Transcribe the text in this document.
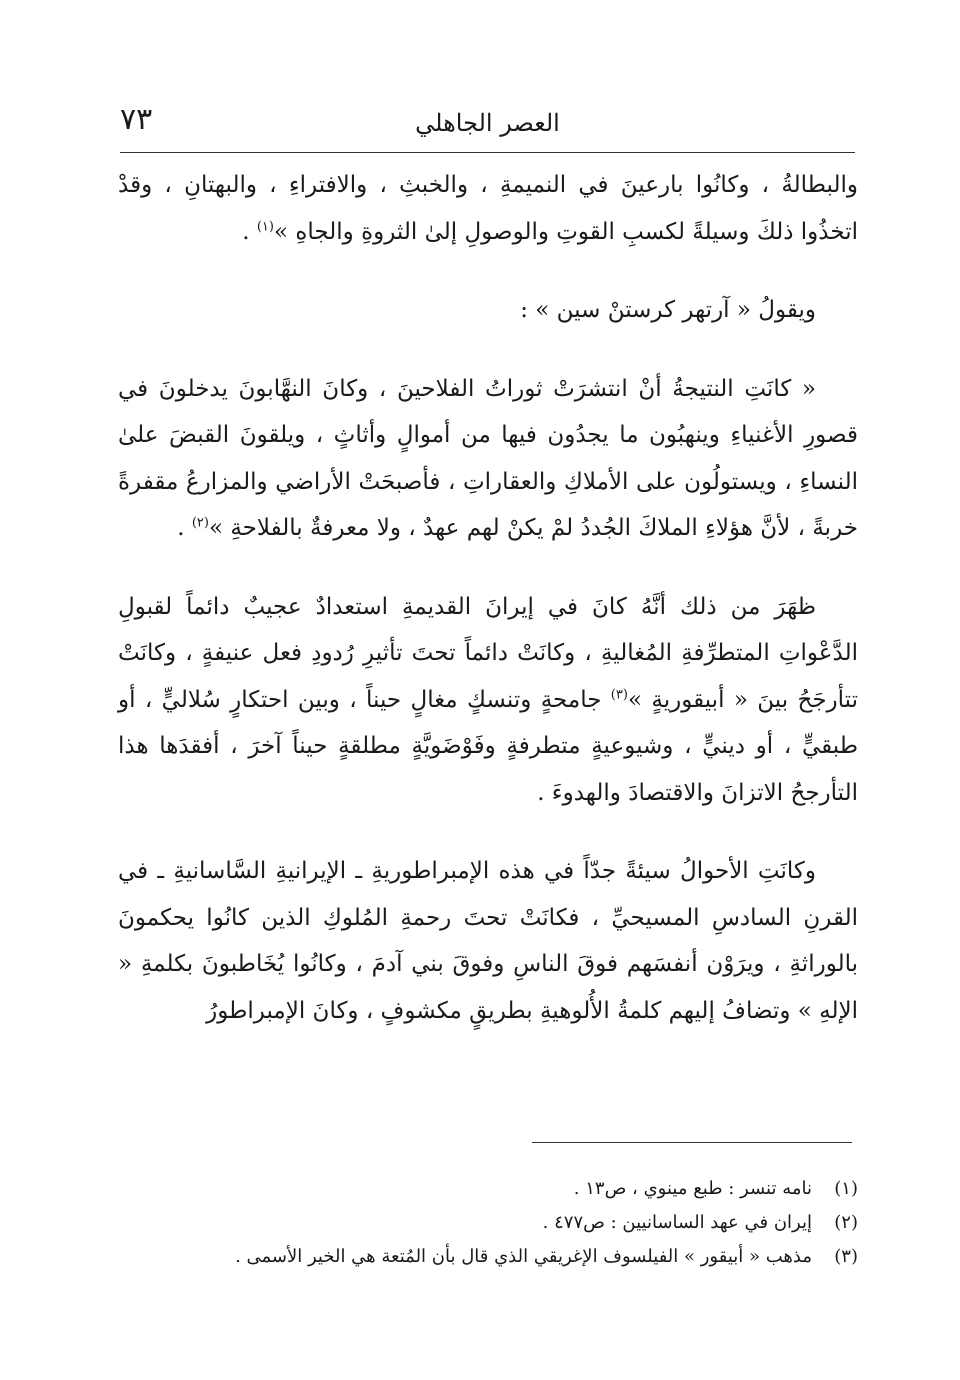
٧٣	العصر الجاهلي

والبطالةُ ، وكانُوا بارعينَ في النميمةِ ، والخبثِ ، والافتراءِ ، والبهتانِ ، وقدْ اتخذُوا ذلكَ وسيلةً لكسبِ القوتِ والوصولِ إلىٰ الثروةِ والجاهِ »$^{(١)}$ .

ويقولُ « آرتهر كرستنْ سين » :

« كانَتِ النتيجةُ أنْ انتشرَتْ ثوراتُ الفلاحينَ ، وكانَ النهَّابونَ يدخلونَ في قصورِ الأغنياءِ وينهبُون ما يجدُون فيها من أموالٍ وأثاثٍ ، ويلقونَ القبضَ علىٰ النساءِ ، ويستولُون على الأملاكِ والعقاراتِ ، فأصبحَتْ الأراضي والمزارعُ مقفرةً خربةً ، لأنَّ هؤلاءِ الملاكَ الجُددُ لمْ يكنْ لهم عهدٌ ، ولا معرفةٌ بالفلاحةِ »$^{(٢)}$ .

ظهَرَ من ذلك أنَّهُ كانَ في إيرانَ القديمةِ استعدادٌ عجيبٌ دائماً لقبولِ الدَّعْواتِ المتطرِّفةِ المُغاليةِ ، وكانَتْ دائماً تحتَ تأثيرِ رُدودِ فعل عنيفةٍ ، وكانَتْ تتأرجَحُ بينَ « أبيقوريةٍ »$^{(٣)}$ جامحةٍ وتنسكٍ مغالٍ حيناً ، وبين احتكارٍ سُلاليٍّ ، أو طبقيٍّ ، أو دينيٍّ ، وشيوعيةٍ متطرفةٍ وفَوْضَويَّةٍ مطلقةٍ حيناً آخرَ ، أفقدَها هذا التأرجحُ الاتزانَ والاقتصادَ والهدوءَ .

وكانَتِ الأحوالُ سيئةً جدّاً في هذه الإمبراطوريةِ ـ الإيرانيةِ السَّاسانيةِ ـ في القرنِ السادسِ المسيحيِّ ، فكانَتْ تحتَ رحمةِ المُلوكِ الذين كانُوا يحكمونَ بالوراثةِ ، ويرَوْن أنفسَهم فوقَ الناسِ وفوقَ بني آدمَ ، وكانُوا يُخَاطبونَ بكلمةِ « الإلهِ » وتضافُ إليهم كلمةُ الأُلوهيةِ بطريقٍ مكشوفٍ ، وكانَ الإمبراطورُ

(١)نامه تنسر : طبع مينوي ، ص١٣ .
(٢)إيران في عهد الساسانيين : ص٤٧٧ .
(٣)مذهب « أبيقور » الفيلسوف الإغريقي الذي قال بأن المُتعة هي الخير الأسمى .
